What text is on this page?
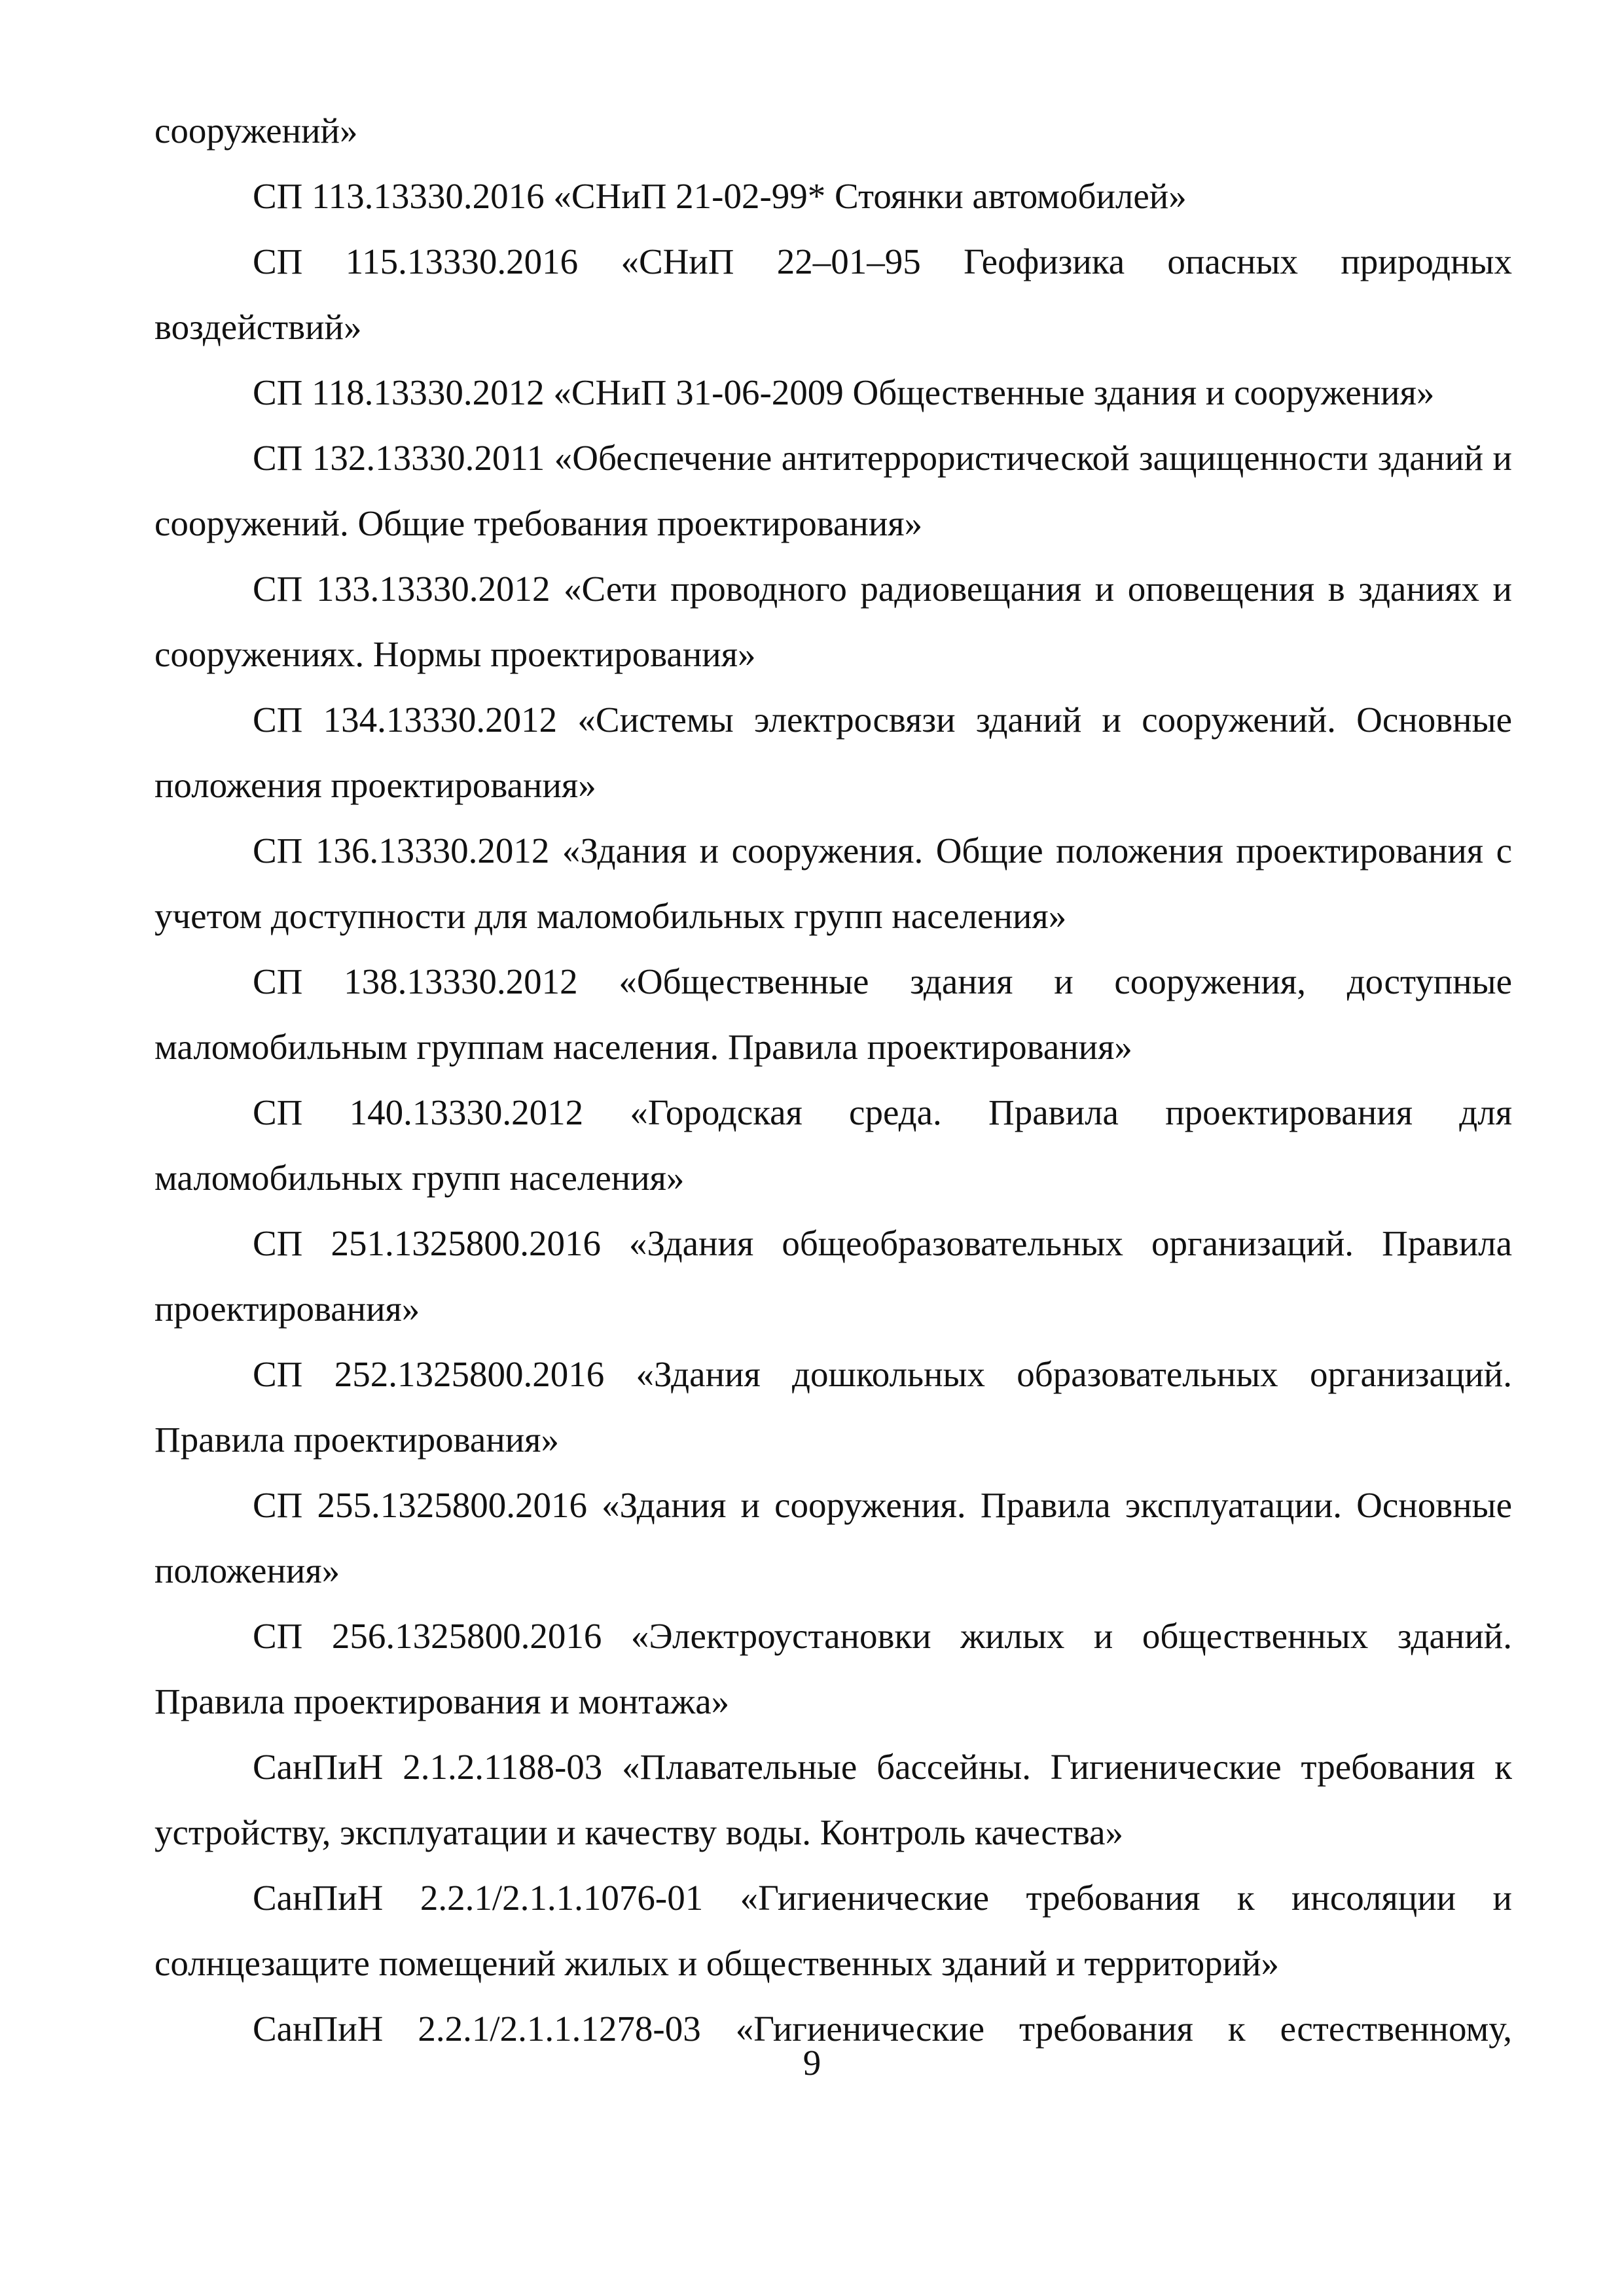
сооружений»

СП 113.13330.2016 «СНиП 21-02-99* Стоянки автомобилей»

СП 115.13330.2016 «СНиП 22–01–95 Геофизика опасных природных воздействий»

СП 118.13330.2012 «СНиП 31-06-2009 Общественные здания и сооружения»

СП 132.13330.2011 «Обеспечение антитеррористической защищенности зданий и сооружений. Общие требования проектирования»

СП 133.13330.2012 «Сети проводного радиовещания и оповещения в зданиях и сооружениях. Нормы проектирования»

СП 134.13330.2012 «Системы электросвязи зданий и сооружений. Основные положения проектирования»

СП 136.13330.2012 «Здания и сооружения. Общие положения проектирования с учетом доступности для маломобильных групп населения»

СП 138.13330.2012 «Общественные здания и сооружения, доступные маломобильным группам населения. Правила проектирования»

СП 140.13330.2012 «Городская среда. Правила проектирования для маломобильных групп населения»

СП 251.1325800.2016 «Здания общеобразовательных организаций. Правила проектирования»

СП 252.1325800.2016 «Здания дошкольных образовательных организаций. Правила проектирования»

СП 255.1325800.2016 «Здания и сооружения. Правила эксплуатации. Основные положения»

СП 256.1325800.2016 «Электроустановки жилых и общественных зданий. Правила проектирования и монтажа»

СанПиН 2.1.2.1188-03 «Плавательные бассейны. Гигиенические требования к устройству, эксплуатации и качеству воды. Контроль качества»

СанПиН 2.2.1/2.1.1.1076-01 «Гигиенические требования к инсоляции и солнцезащите помещений жилых и общественных зданий и территорий»

СанПиН 2.2.1/2.1.1.1278-03 «Гигиенические требования к естественному,

9
